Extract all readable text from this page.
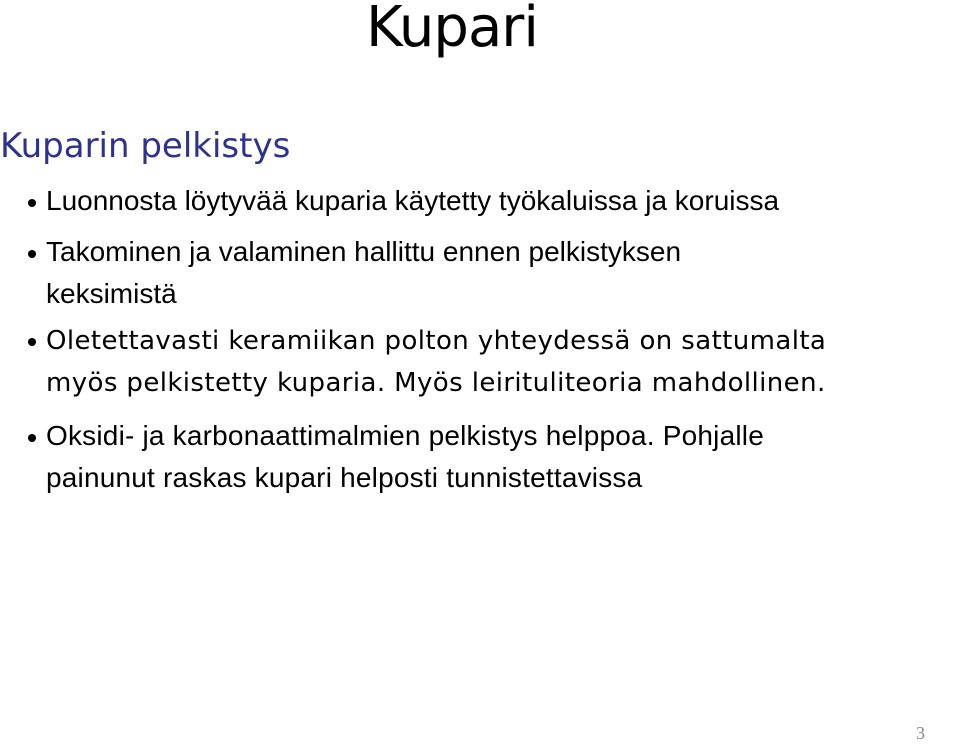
Kupari
Kuparin pelkistys
Luonnosta löytyvää kuparia käytetty työkaluissa ja koruissa
Takominen ja valaminen hallittu ennen pelkistyksen
keksimistä
Oletettavasti keramiikan polton yhteydessä on sattumalta
myös pelkistetty kuparia. Myös leirituliteoria mahdollinen.
Oksidi- ja karbonaattimalmien pelkistys helppoa. Pohjalle
painunut raskas kupari helposti tunnistettavissa
3
